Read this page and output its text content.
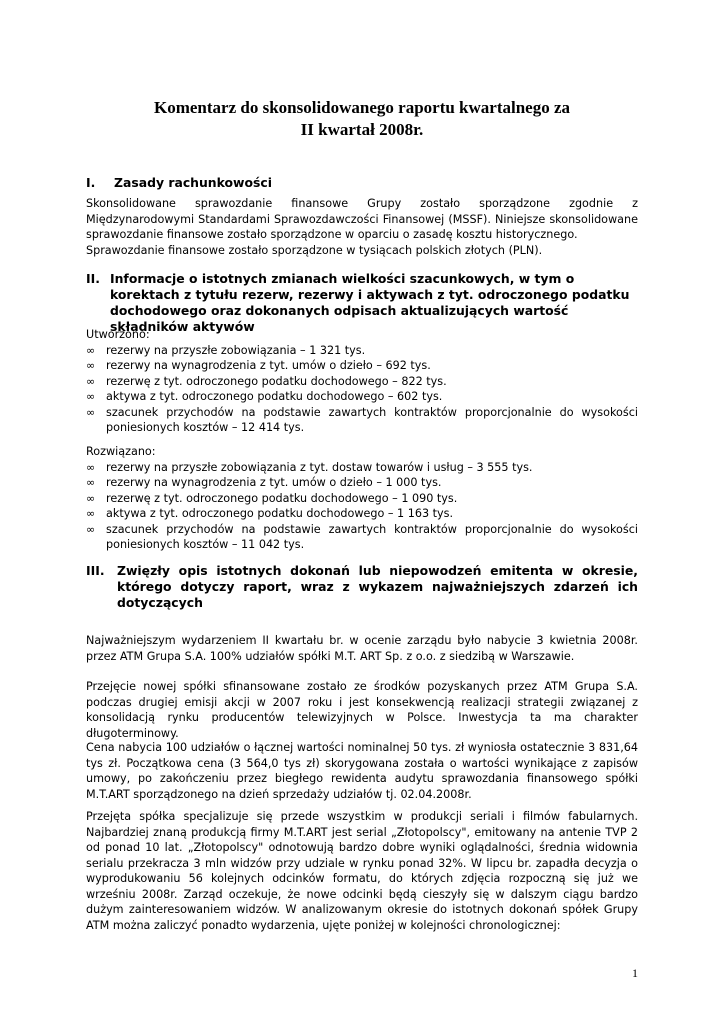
Komentarz do skonsolidowanego raportu kwartalnego za
II kwartał 2008r.
I.	Zasady rachunkowości

Skonsolidowane sprawozdanie finansowe Grupy zostało sporządzone zgodnie z Międzynarodowymi Standardami Sprawozdawczości Finansowej (MSSF). Niniejsze skonsolidowane sprawozdanie finansowe zostało sporządzone w oparciu o zasadę kosztu historycznego.

Sprawozdanie finansowe zostało sporządzone w tysiącach polskich złotych (PLN).

II. Informacje o istotnych zmianach wielkości szacunkowych, w tym o korektach z tytułu rezerw, rezerwy i aktywach z tyt. odroczonego podatku dochodowego oraz dokonanych odpisach aktualizujących wartość składników aktywów

Utworzono:

∞ rezerwy na przyszłe zobowiązania – 1 321 tys.
∞ rezerwy na wynagrodzenia z tyt. umów o dzieło – 692 tys.
∞ rezerwę z tyt. odroczonego podatku dochodowego – 822 tys.
∞ aktywa z tyt. odroczonego podatku dochodowego – 602 tys.
∞ szacunek przychodów na podstawie zawartych kontraktów proporcjonalnie do wysokości poniesionych kosztów – 12 414 tys.

Rozwiązano:

∞ rezerwy na przyszłe zobowiązania z tyt. dostaw towarów i usług – 3 555 tys.
∞ rezerwy na wynagrodzenia z tyt. umów o dzieło – 1 000 tys.
∞ rezerwę z tyt. odroczonego podatku dochodowego – 1 090 tys.
∞ aktywa z tyt. odroczonego podatku dochodowego – 1 163 tys.
∞ szacunek przychodów na podstawie zawartych kontraktów proporcjonalnie do wysokości poniesionych kosztów – 11 042 tys.
III.	Zwięzły opis istotnych dokonań lub niepowodzeń emitenta w okresie, którego dotyczy raport, wraz z wykazem najważniejszych zdarzeń ich dotyczących

Najważniejszym wydarzeniem II kwartału br. w ocenie zarządu było nabycie 3 kwietnia 2008r. przez ATM Grupa S.A. 100% udziałów spółki M.T. ART Sp. z o.o. z siedzibą w Warszawie.

Przejęcie nowej spółki sfinansowane zostało ze środków pozyskanych przez ATM Grupa S.A. podczas drugiej emisji akcji w 2007 roku i jest konsekwencją realizacji strategii związanej z konsolidacją rynku producentów telewizyjnych w Polsce. Inwestycja ta ma charakter długoterminowy.

Cena nabycia 100 udziałów o łącznej wartości nominalnej 50 tys. zł wyniosła ostatecznie 3 831,64 tys zł. Początkowa cena (3 564,0 tys zł) skorygowana została o wartości wynikające z zapisów umowy, po zakończeniu przez biegłego rewidenta audytu sprawozdania finansowego spółki M.T.ART sporządzonego na dzień sprzedaży udziałów tj. 02.04.2008r.

Przejęta spółka specjalizuje się przede wszystkim w produkcji seriali i filmów fabularnych. Najbardziej znaną produkcją firmy M.T.ART jest serial „Złotopolscy", emitowany na antenie TVP 2 od ponad 10 lat. „Złotopolscy" odnotowują bardzo dobre wyniki oglądalności, średnia widownia serialu przekracza 3 mln widzów przy udziale w rynku ponad 32%. W lipcu br. zapadła decyzja o wyprodukowaniu 56 kolejnych odcinków formatu, do których zdjęcia rozpoczną się już we wrześniu 2008r. Zarząd oczekuje, że nowe odcinki będą cieszyły się w dalszym ciągu bardzo dużym zainteresowaniem widzów. W analizowanym okresie do istotnych dokonań spółek Grupy ATM można zaliczyć ponadto wydarzenia, ujęte poniżej w kolejności chronologicznej:

1
